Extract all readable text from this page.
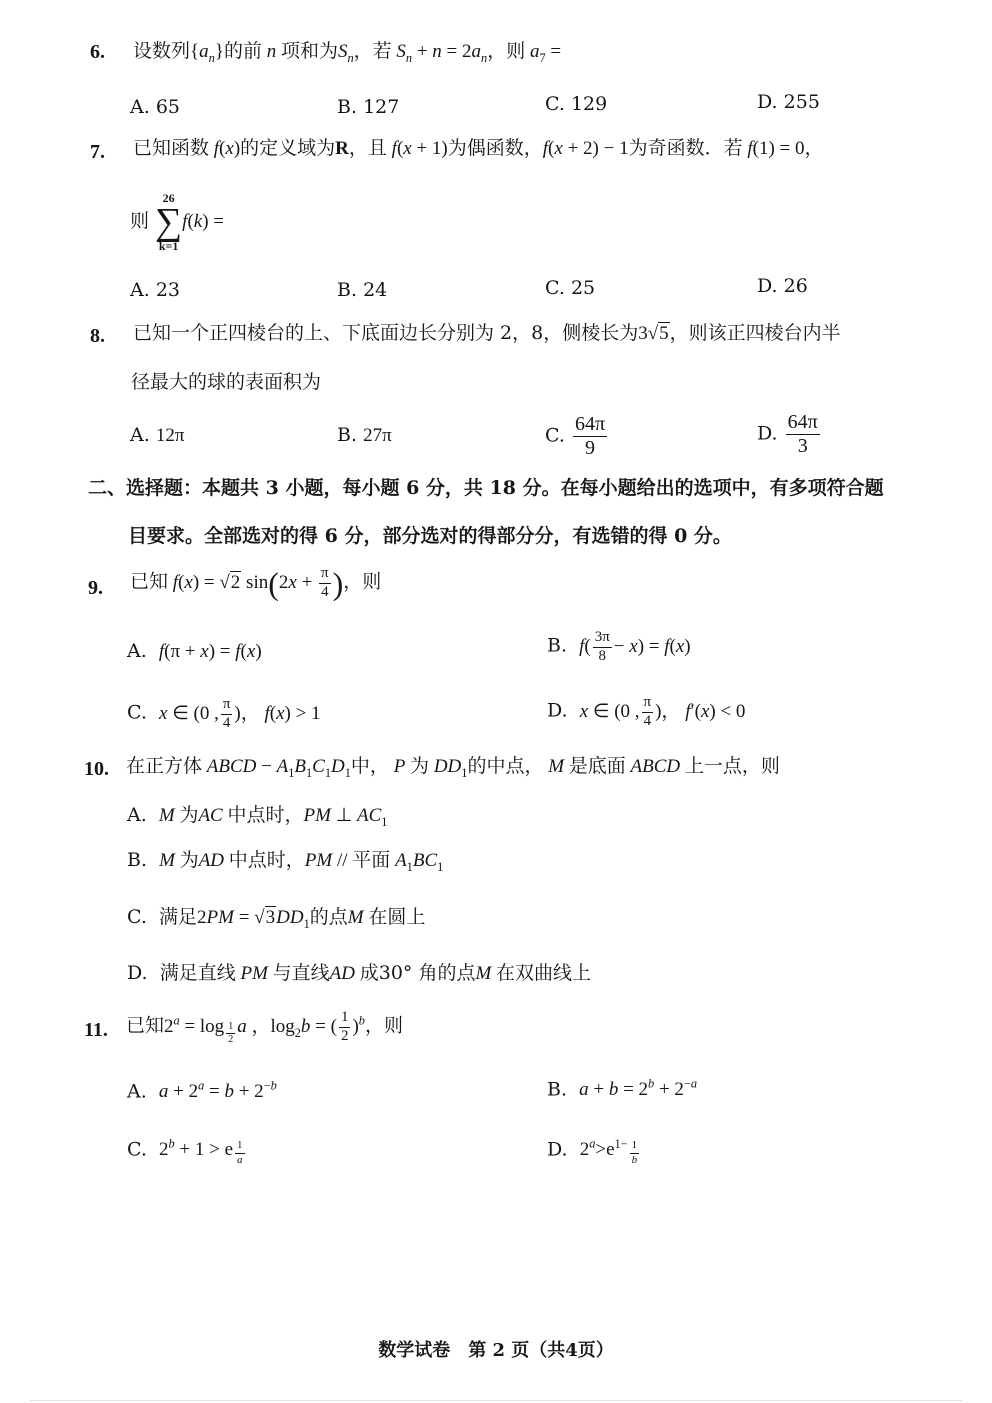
6. 设数列$\{a_n\}$的前 n 项和为$S_n$，若 $S_n + n = 2a_n$，则 $a_7$ =
A. 65	B. 127	C. 129	D. 255
7. 已知函数 f(x)的定义域为R，且 f(x + 1)为偶函数，f(x + 2) − 1为奇函数．若 f(1) = 0，
则
26
∑
k=1
f(k) =
A. 23	B. 24	C. 25	D. 26
8. 已知一个正四棱台的上、下底面边长分别为 2，8，侧棱长为3√5，则该正四棱台内半
径最大的球的表面积为
A. 12π	B. 27π	C. $\frac{64\pi}{9}$	D. $\frac{64\pi}{3}$
二、选择题：本题共 3 小题，每小题 6 分，共 18 分。在每小题给出的选项中，有多项符合题
目要求。全部选对的得 6 分，部分选对的得部分分，有选错的得 0 分。
9. 已知 f(x) = √2 $\sin(2x + \frac{\pi}{4}$ )，则
A. f(π + x) = f(x)	B. $f( \frac{3\pi}{8} - x) = f(x)$
C. x ∈ (0 , $\frac{\pi}{4}$ )， f(x) > 1	D. x ∈ (0 , $\frac{\pi}{4}$ )， f′(x) < 0
10. 在正方体 ABCD − $A_1B_1C_1D_1$中， P 为 $DD_1$的中点， M 是底面 ABCD 上一点，则
A. M 为AC 中点时，PM ⊥ $AC_1$
B. M 为AD 中点时，PM // 平面 $A_1BC_1$
C. 满足$2PM = √3DD_1$的点M 在圆上
D. 满足直线 PM 与直线AD 成30° 角的点M 在双曲线上
11. 已知$2^a = \log _{\frac{1}{2}}$ a ，$\log_2b$ = ( $\frac{1}{2} )^b$，则
A. $a + 2^a = b + 2^{-b}$	B. $a + b = 2^b + 2^{-a}$
C. $2^b + 1 > e$ $^{\frac{1}{a}}$	D. $2^a>e^{1- \frac{1}{b}}$
数学试卷　第 2 页（共4页）
